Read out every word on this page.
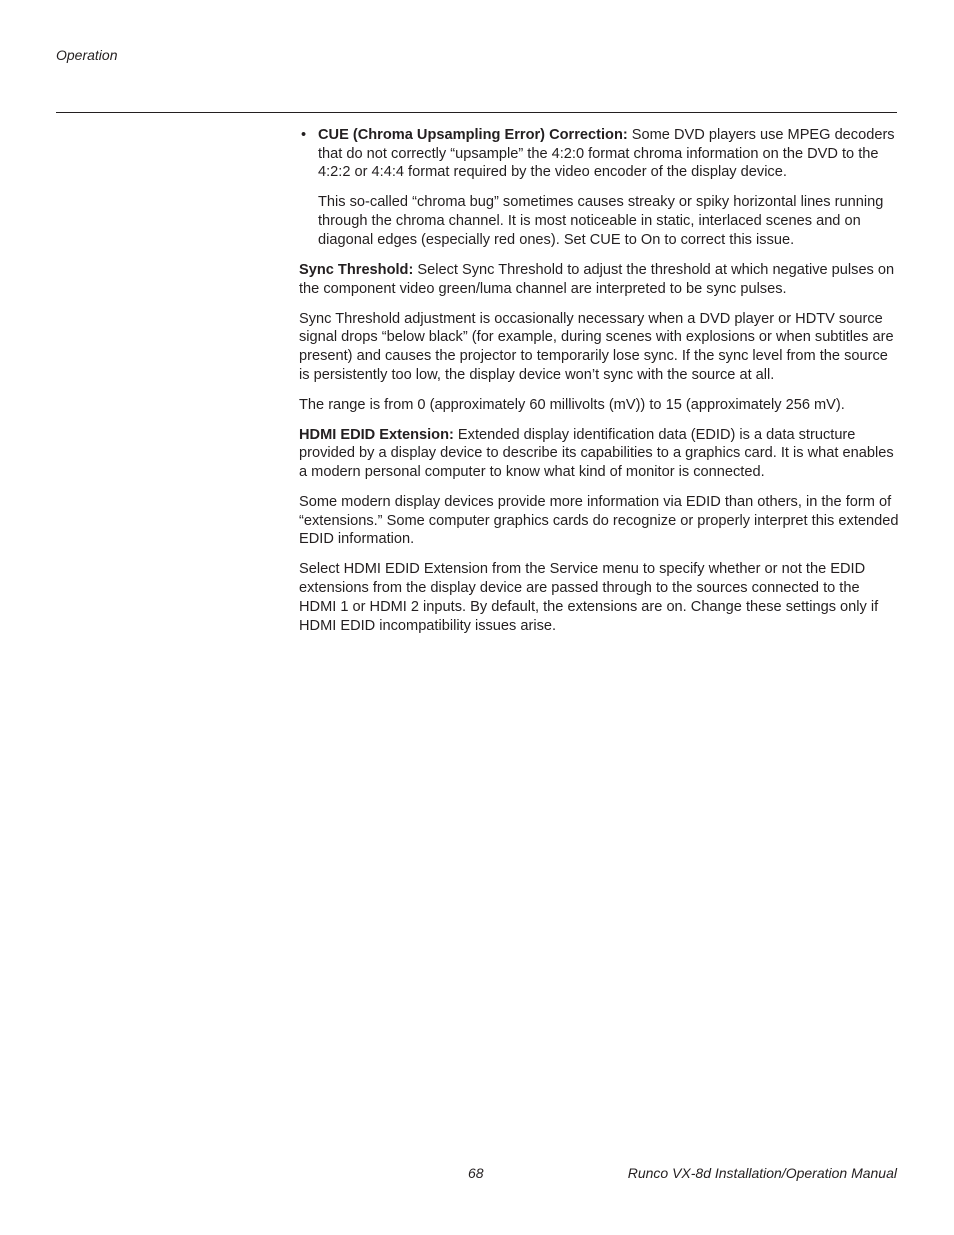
Operation
• CUE (Chroma Upsampling Error) Correction: Some DVD players use MPEG decoders that do not correctly “upsample” the 4:2:0 format chroma information on the DVD to the 4:2:2 or 4:4:4 format required by the video encoder of the display device.

This so-called “chroma bug” sometimes causes streaky or spiky horizontal lines running through the chroma channel. It is most noticeable in static, interlaced scenes and on diagonal edges (especially red ones). Set CUE to On to correct this issue.

Sync Threshold: Select Sync Threshold to adjust the threshold at which negative pulses on the component video green/luma channel are interpreted to be sync pulses.

Sync Threshold adjustment is occasionally necessary when a DVD player or HDTV source signal drops “below black” (for example, during scenes with explosions or when subtitles are present) and causes the projector to temporarily lose sync. If the sync level from the source is persistently too low, the display device won’t sync with the source at all.

The range is from 0 (approximately 60 millivolts (mV)) to 15 (approximately 256 mV).

HDMI EDID Extension: Extended display identification data (EDID) is a data structure provided by a display device to describe its capabilities to a graphics card. It is what enables a modern personal computer to know what kind of monitor is connected.

Some modern display devices provide more information via EDID than others, in the form of “extensions.” Some computer graphics cards do recognize or properly interpret this extended EDID information.

Select HDMI EDID Extension from the Service menu to specify whether or not the EDID extensions from the display device are passed through to the sources connected to the HDMI 1 or HDMI 2 inputs. By default, the extensions are on. Change these settings only if HDMI EDID incompatibility issues arise.

68	Runco VX-8d Installation/Operation Manual
